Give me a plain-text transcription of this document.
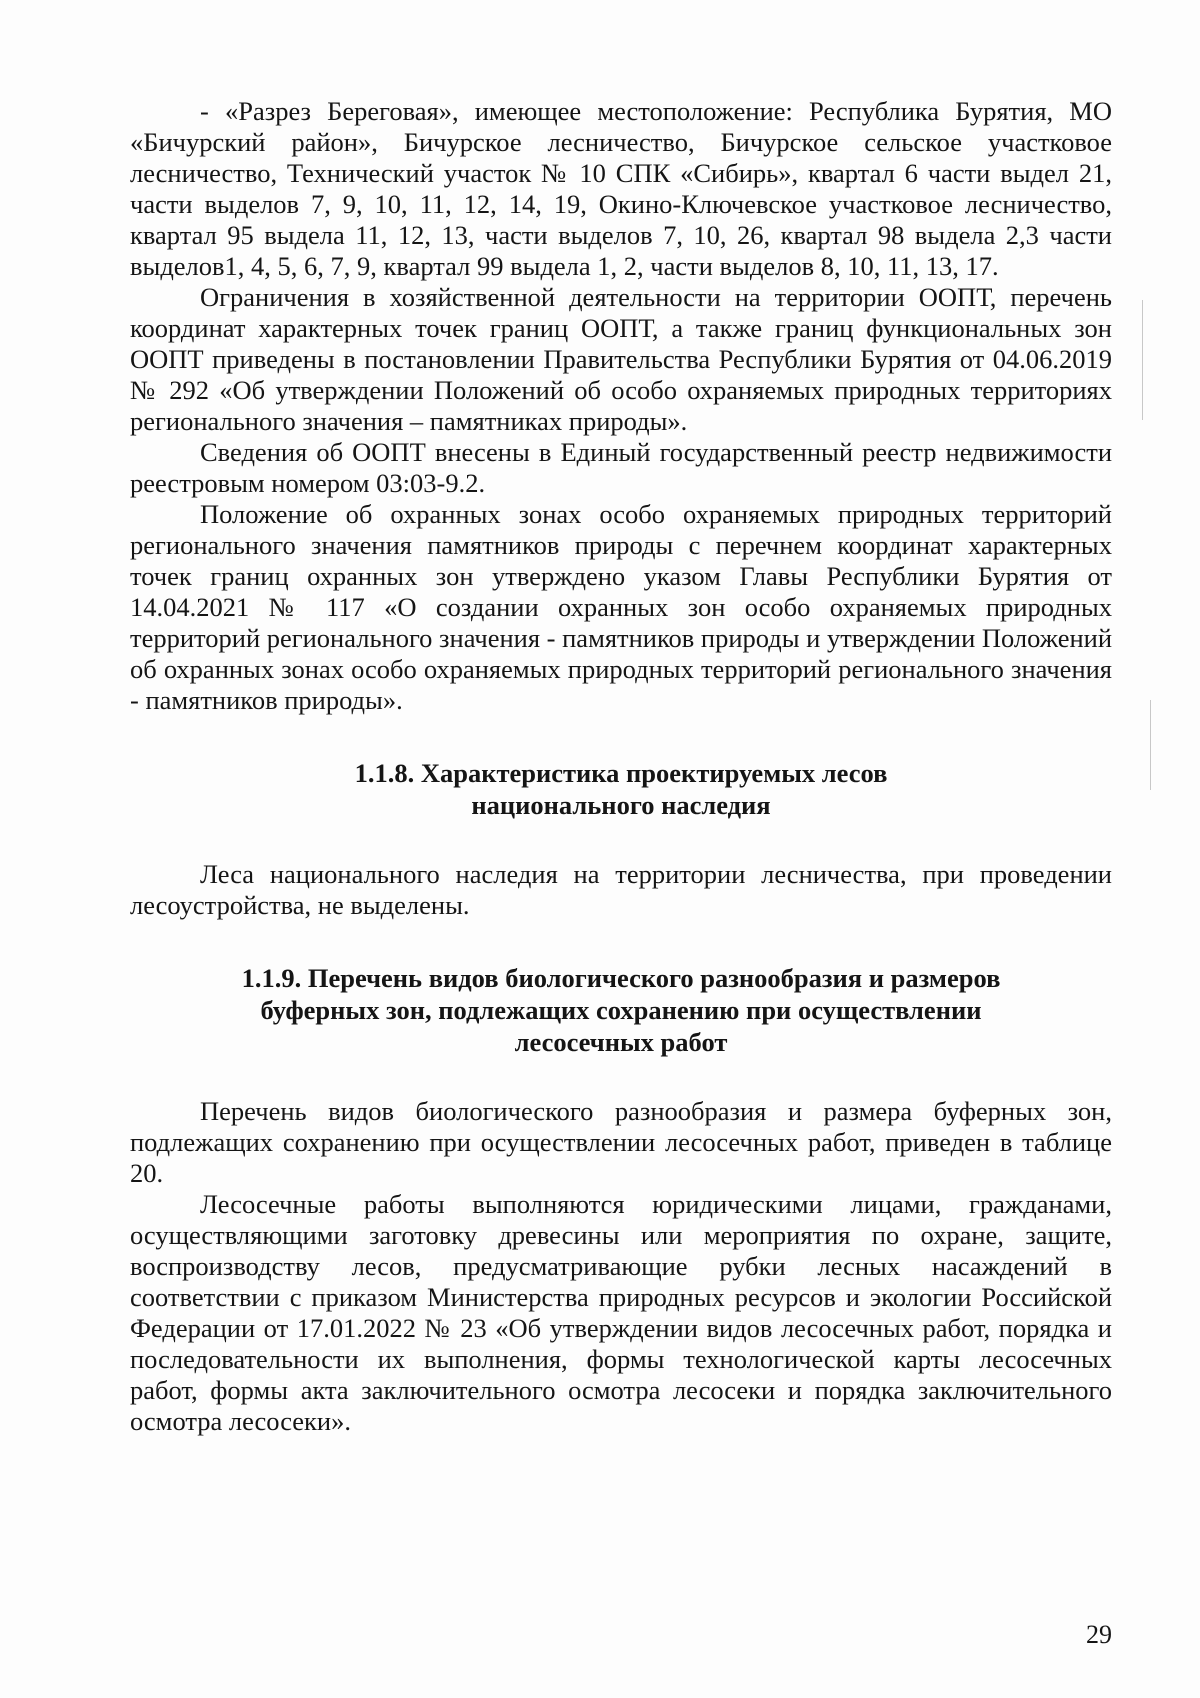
- «Разрез Береговая», имеющее местоположение: Республика Бурятия, МО «Бичурский район», Бичурское лесничество, Бичурское сельское участковое лесничество, Технический участок № 10 СПК «Сибирь», квартал 6 части выдел 21, части выделов 7, 9, 10, 11, 12, 14, 19, Окино-Ключевское участковое лесничество, квартал 95 выдела 11, 12, 13, части выделов 7, 10, 26, квартал 98 выдела 2,3 части выделов1, 4, 5, 6, 7, 9, квартал 99 выдела 1, 2, части выделов 8, 10, 11, 13, 17.

Ограничения в хозяйственной деятельности на территории ООПТ, перечень координат характерных точек границ ООПТ, а также границ функциональных зон ООПТ приведены в постановлении Правительства Республики Бурятия от 04.06.2019 № 292 «Об утверждении Положений об особо охраняемых природных территориях регионального значения – памятниках природы».

Сведения об ООПТ внесены в Единый государственный реестр недвижимости реестровым номером 03:03-9.2.

Положение об охранных зонах особо охраняемых природных территорий регионального значения памятников природы с перечнем координат характерных точек границ охранных зон утверждено указом Главы Республики Бурятия от 14.04.2021 № 117 «О создании охранных зон особо охраняемых природных территорий регионального значения - памятников природы и утверждении Положений об охранных зонах особо охраняемых природных территорий регионального значения - памятников природы».

1.1.8. Характеристика проектируемых лесов
национального наследия

Леса национального наследия на территории лесничества, при проведении лесоустройства, не выделены.

1.1.9. Перечень видов биологического разнообразия и размеров
буферных зон, подлежащих сохранению при осуществлении
лесосечных работ

Перечень видов биологического разнообразия и размера буферных зон, подлежащих сохранению при осуществлении лесосечных работ, приведен в таблице 20.

Лесосечные работы выполняются юридическими лицами, гражданами, осуществляющими заготовку древесины или мероприятия по охране, защите, воспроизводству лесов, предусматривающие рубки лесных насаждений в соответствии с приказом Министерства природных ресурсов и экологии Российской Федерации от 17.01.2022 № 23 «Об утверждении видов лесосечных работ, порядка и последовательности их выполнения, формы технологической карты лесосечных работ, формы акта заключительного осмотра лесосеки и порядка заключительного осмотра лесосеки».

29
